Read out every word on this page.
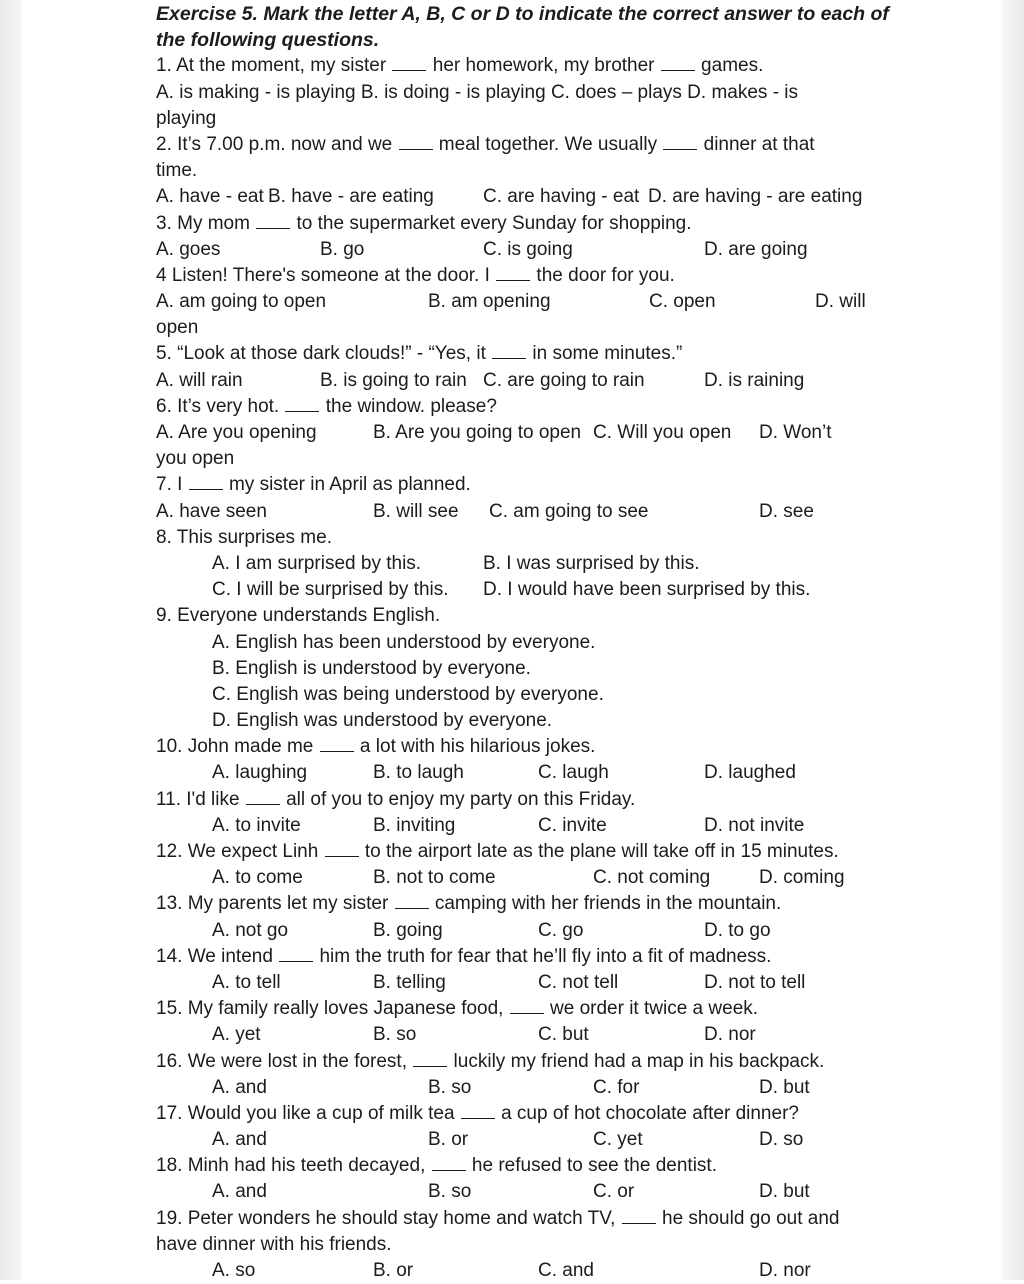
Exercise 5. Mark the letter A, B, C or D to indicate the correct answer to each of
the following questions.
1. At the moment, my sister  her homework, my brother  games.
A. is making - is playing B. is doing - is playing C. does – plays D. makes - is
playing
2. It’s 7.00 p.m. now and we  meal together. We usually  dinner at that
time.
A. have - eat B. have - are eating	C. are having - eat D. are having - are eating
3. My mom  to the supermarket every Sunday for shopping.
A. goes	B. go	C. is going	D. are going
4 Listen! There's someone at the door. I  the door for you.
A. am going to open	B. am opening	C. open	D. will
open
5. “Look at those dark clouds!” - “Yes, it  in some minutes.”
A. will rain	B. is going to rain C. are going to rain	D. is raining
6. It’s very hot.  the window. please?
A. Are you opening	B. Are you going to open C. Will you open D. Won’t
you open
7. I  my sister in April as planned.
A. have seen	B. will see C. am going to see	D. see
8. This surprises me.
A. I am surprised by this.	B. I was surprised by this.
C. I will be surprised by this. D. I would have been surprised by this.
9. Everyone understands English.
A. English has been understood by everyone.
B. English is understood by everyone.
C. English was being understood by everyone.
D. English was understood by everyone.
10. John made me  a lot with his hilarious jokes.
A. laughing	B. to laugh	C. laugh	D. laughed
11. I'd like  all of you to enjoy my party on this Friday.
A. to invite	B. inviting	C. invite	D. not invite
12. We expect Linh  to the airport late as the plane will take off in 15 minutes.
A. to come	B. not to come	C. not coming	D. coming
13. My parents let my sister  camping with her friends in the mountain.
A. not go	B. going	C. go	D. to go
14. We intend  him the truth for fear that he’ll fly into a fit of madness.
A. to tell	B. telling	C. not tell	D. not to tell
15. My family really loves Japanese food,  we order it twice a week.
A. yet	B. so	C. but	D. nor
16. We were lost in the forest,  luckily my friend had a map in his backpack.
A. and	B. so	C. for	D. but
17. Would you like a cup of milk tea  a cup of hot chocolate after dinner?
A. and	B. or	C. yet	D. so
18. Minh had his teeth decayed,  he refused to see the dentist.
A. and	B. so	C. or	D. but
19. Peter wonders he should stay home and watch TV,  he should go out and
have dinner with his friends.
A. so	B. or	C. and	D. nor
